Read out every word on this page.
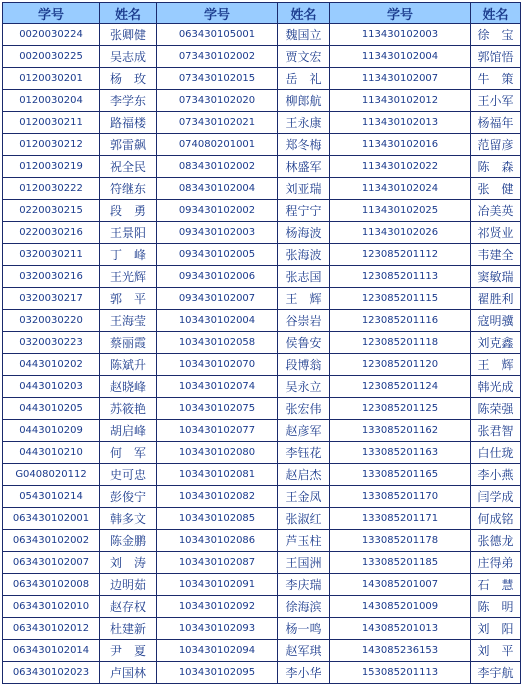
学号	姓名	学号	姓名	学号	姓名
0020030224	张卿健	063430105001	魏国立	113430102003	徐　宝
0020030225	吴志成	073430102002	贾文宏	113430102004	郭馆悟
0120030201	杨　玫	073430102015	岳　礼	113430102007	牛　策
0120030204	李学东	073430102020	柳郎航	113430102012	王小军
0120030211	路福楼	073430102021	王永康	113430102013	杨福年
0120030212	郭雷飙	074080201001	郑冬梅	113430102016	范留彦
0120030219	祝全民	083430102002	林盛军	113430102022	陈　森
0120030222	符继东	083430102004	刘亚瑞	113430102024	张　健
0220030215	段　勇	093430102002	程宁宁	113430102025	冶美英
0220030216	王景阳	093430102003	杨海波	113430102026	祁贤业
0320030211	丁　峰	093430102005	张海波	123085201112	韦建全
0320030216	王光辉	093430102006	张志国	123085201113	窦敏瑞
0320030217	郭　平	093430102007	王　辉	123085201115	翟胜利
0320030220	王海莹	103430102004	谷崇岩	123085201116	寇明骥
0320030223	蔡丽霞	103430102058	侯鲁安	123085201118	刘克鑫
0443010202	陈斌升	103430102070	段博翁	123085201120	王　辉
0443010203	赵晓峰	103430102074	吴永立	123085201124	韩光成
0443010205	苏筱艳	103430102075	张宏伟	123085201125	陈荣强
0443010209	胡启峰	103430102077	赵彦军	133085201162	张君智
0443010210	何　军	103430102080	李钰花	133085201163	白仕珑
G0408020112	史可忠	103430102081	赵启杰	133085201165	李小燕
0543010214	彭俊宁	103430102082	王金凤	133085201170	闫学成
063430102001	韩多文	103430102085	张淑红	133085201171	何成铭
063430102002	陈金鹏	103430102086	芦玉柱	133085201178	张德龙
063430102007	刘　涛	103430102087	王国洲	133085201185	庄得弟
063430102008	边明茹	103430102091	李庆瑞	143085201007	石　慧
063430102010	赵存权	103430102092	徐海滨	143085201009	陈　明
063430102012	杜建新	103430102093	杨一鸣	143085201013	刘　阳
063430102014	尹　夏	103430102094	赵军琪	143085236153	刘　平
063430102023	卢国林	103430102095	李小华	153085201113	李宇航
